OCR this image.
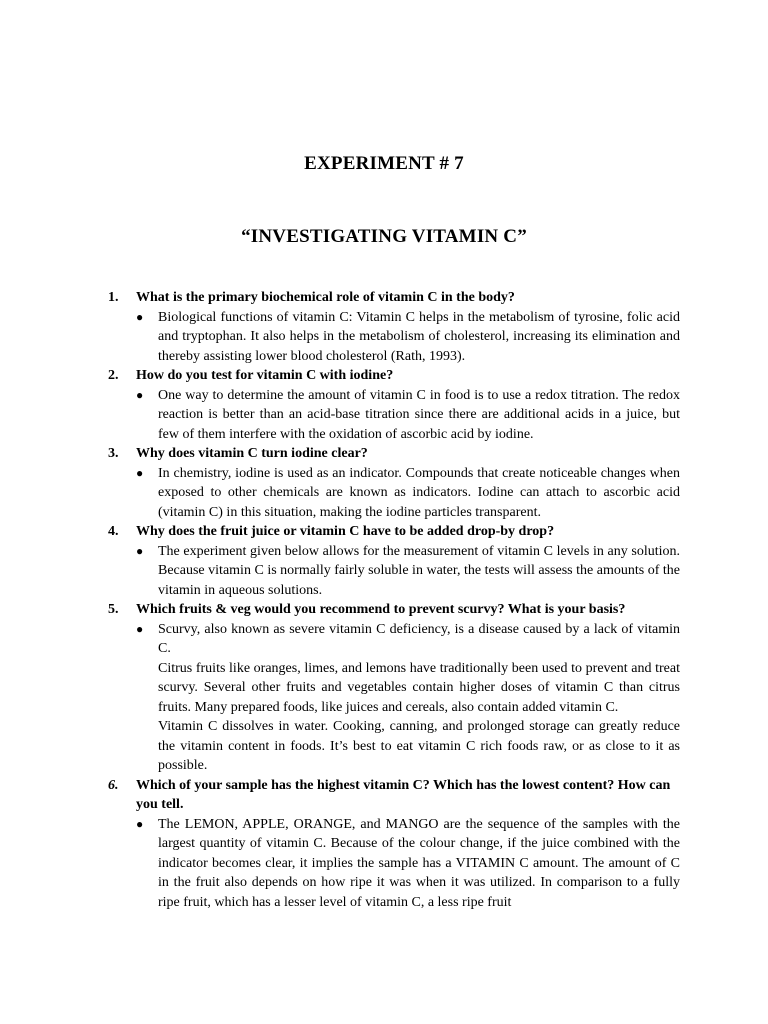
EXPERIMENT # 7
“INVESTIGATING VITAMIN C”
1.	What is the primary biochemical role of vitamin C in the body?
●	Biological functions of vitamin C: Vitamin C helps in the metabolism of tyrosine, folic acid and tryptophan. It also helps in the metabolism of cholesterol, increasing its elimination and thereby assisting lower blood cholesterol (Rath, 1993).

2.	How do you test for vitamin C with iodine?
●	One way to determine the amount of vitamin C in food is to use a redox titration. The redox reaction is better than an acid-base titration since there are additional acids in a juice, but few of them interfere with the oxidation of ascorbic acid by iodine.

3.	Why does vitamin C turn iodine clear?
●	In chemistry, iodine is used as an indicator. Compounds that create noticeable changes when exposed to other chemicals are known as indicators. Iodine can attach to ascorbic acid (vitamin C) in this situation, making the iodine particles transparent.

4.	Why does the fruit juice or vitamin C have to be added drop-by drop?
●	The experiment given below allows for the measurement of vitamin C levels in any solution. Because vitamin C is normally fairly soluble in water, the tests will assess the amounts of the vitamin in aqueous solutions.

5.	Which fruits & veg would you recommend to prevent scurvy? What is your basis?
●	Scurvy, also known as severe vitamin C deficiency, is a disease caused by a lack of vitamin C.

Citrus fruits like oranges, limes, and lemons have traditionally been used to prevent and treat scurvy. Several other fruits and vegetables contain higher doses of vitamin C than citrus fruits. Many prepared foods, like juices and cereals, also contain added vitamin C.

Vitamin C dissolves in water. Cooking, canning, and prolonged storage can greatly reduce the vitamin content in foods. It’s best to eat vitamin C rich foods raw, or as close to it as possible.

6.	Which of your sample has the highest vitamin C? Which has the lowest content? How can you tell.
●	The LEMON, APPLE, ORANGE, and MANGO are the sequence of the samples with the largest quantity of vitamin C. Because of the colour change, if the juice combined with the indicator becomes clear, it implies the sample has a VITAMIN C amount. The amount of C in the fruit also depends on how ripe it was when it was utilized. In comparison to a fully ripe fruit, which has a lesser level of vitamin C, a less ripe fruit
